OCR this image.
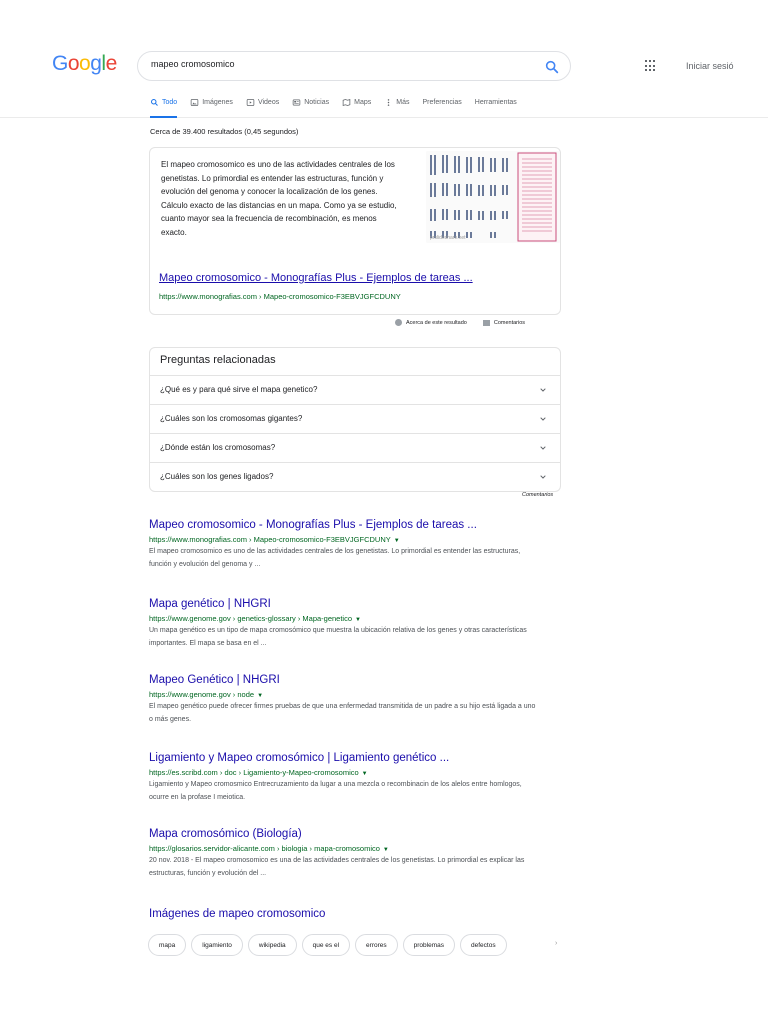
Google
mapeo cromosomico	Iniciar sesió
Todo	Imágenes	Videos	Noticias	Maps	Más Preferencias Herramientas
Cerca de 39.400 resultados (0,45 segundos)
El mapeo cromosomico es uno de las actividades centrales de los genetistas. Lo primordial es entender las estructuras, función y evolución del genoma y conocer la localización de los genes. Cálculo exacto de las distancias en un mapa. Como ya se estudio, cuanto mayor sea la frecuencia de recombinación, es menos exacto.
prslideshare.net
Mapeo cromosomico - Monografías Plus - Ejemplos de tareas ...
https://www.monografias.com › Mapeo-cromosomico-F3EBVJGFCDUNY
Acerca de este resultado	Comentarios
Preguntas relacionadas
¿Qué es y para qué sirve el mapa genetico?
¿Cuáles son los cromosomas gigantes?
¿Dónde están los cromosomas?
¿Cuáles son los genes ligados?
Comentarios
Mapeo cromosomico - Monografías Plus - Ejemplos de tareas ...
https://www.monografias.com › Mapeo-cromosomico-F3EBVJGFCDUNY ▼
El mapeo cromosomico es uno de las actividades centrales de los genetistas. Lo primordial es entender las estructuras, función y evolución del genoma y ...
Mapa genético | NHGRI
https://www.genome.gov › genetics-glossary › Mapa-genetico ▼
Un mapa genético es un tipo de mapa cromosómico que muestra la ubicación relativa de los genes y otras características importantes. El mapa se basa en el ...
Mapeo Genético | NHGRI
https://www.genome.gov › node ▼
El mapeo genético puede ofrecer firmes pruebas de que una enfermedad transmitida de un padre a su hijo está ligada a uno o más genes.
Ligamiento y Mapeo cromosómico | Ligamiento genético ...
https://es.scribd.com › doc › Ligamiento-y-Mapeo-cromosomico ▼
Ligamiento y Mapeo cromosmico Entrecruzamiento da lugar a una mezcla o recombinacin de los alelos entre homlogos, ocurre en la profase I meiotica.
Mapa cromosómico (Biología)
https://glosarios.servidor-alicante.com › biologia › mapa-cromosomico ▼
20 nov. 2018 - El mapeo cromosomico es una de las actividades centrales de los genetistas. Lo primordial es explicar las estructuras, función y evolución del ...
Imágenes de mapeo cromosomico
mapa	ligamiento	wikipedia	que es el	errores	problemas	defectos	›
